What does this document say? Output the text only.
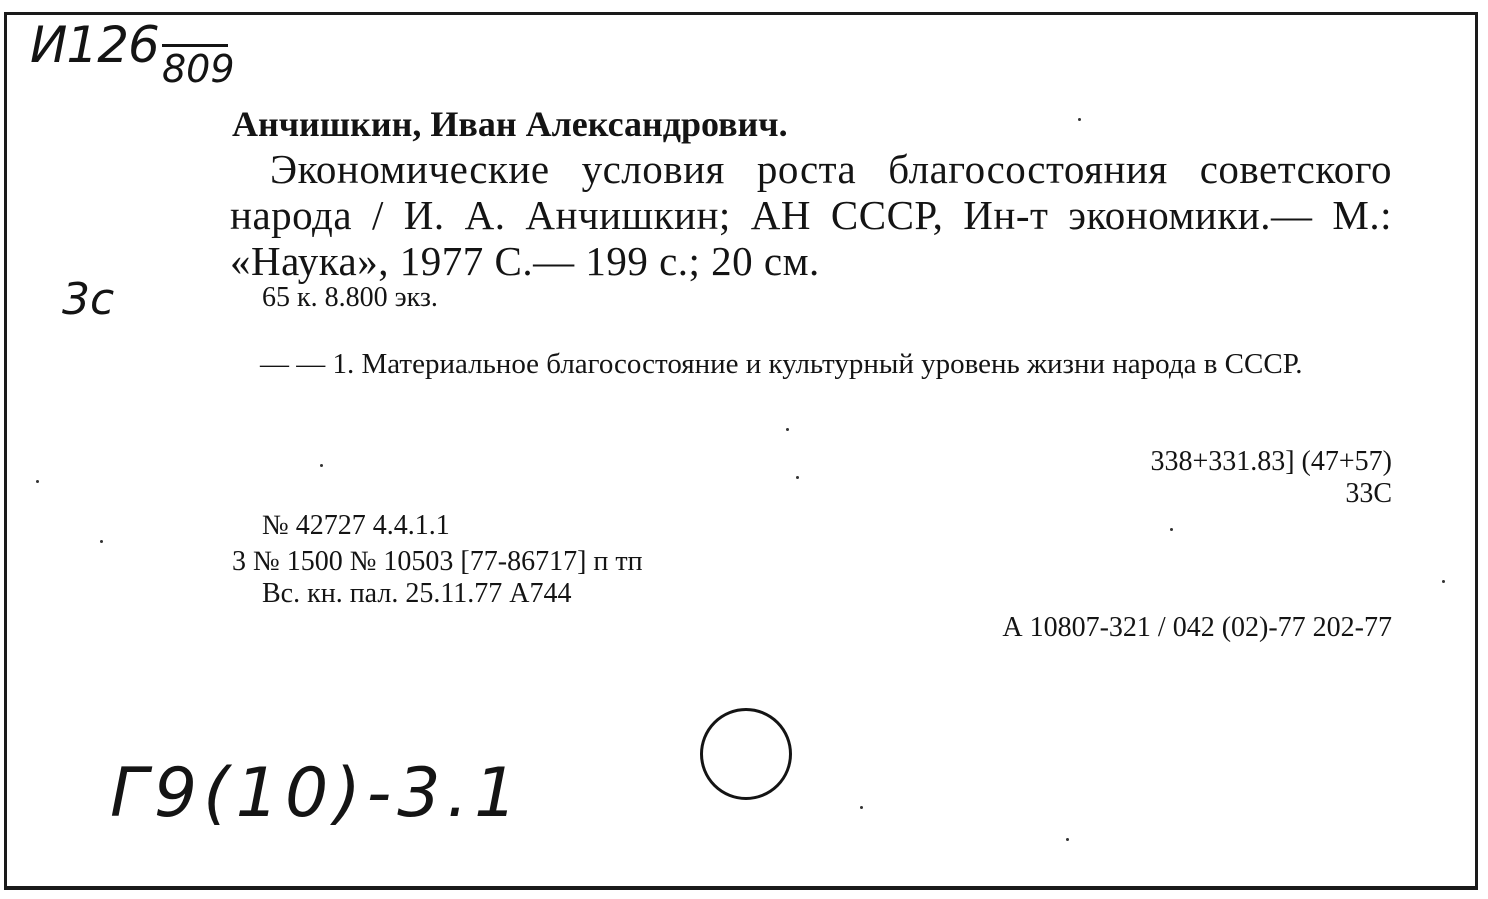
И126 809
Анчишкин, Иван Александрович.
Экономические условия роста благосостояния советского народа / И. А. Анчишкин; АН СССР, Ин-т экономики.— М.: «Наука», 1977 С.— 199 с.; 20 см.
3с	65 к. 8.800 экз.
— — 1. Материальное благосостояние и культурный уровень жизни народа в СССР.
338+331.83] (47+57)
33С
№ 42727 4.4.1.1
3 № 1500 № 10503 [77-86717] п тп
Вс. кн. пал. 25.11.77 А744
А 10807-321 / 042 (02)-77 202-77
Г9(10)-3.1
